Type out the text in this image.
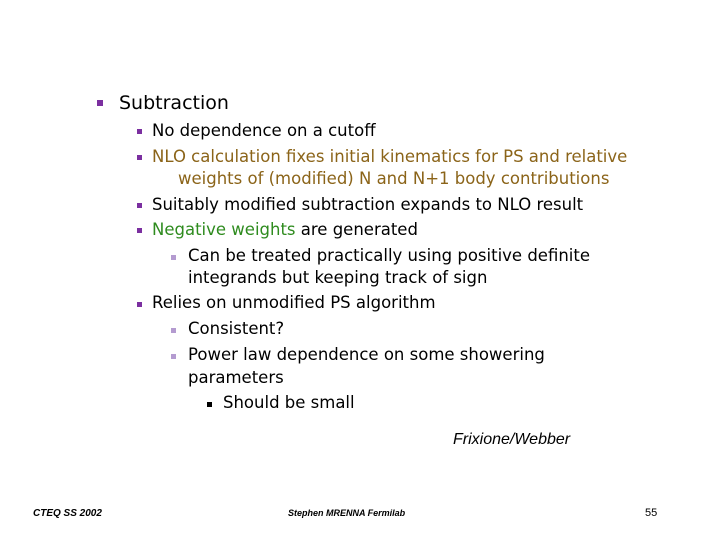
Subtraction
No dependence on a cutoff
NLO calculation fixes initial kinematics for PS and relative
weights of (modified) N and N+1 body contributions
Suitably modified subtraction expands to NLO result
Negative weights are generated
Can be treated practically using positive definite
integrands but keeping track of sign
Relies on unmodified PS algorithm
Consistent?
Power law dependence on some showering
parameters
Should be small
Frixione/Webber
CTEQ SS 2002	Stephen MRENNA Fermilab	55
